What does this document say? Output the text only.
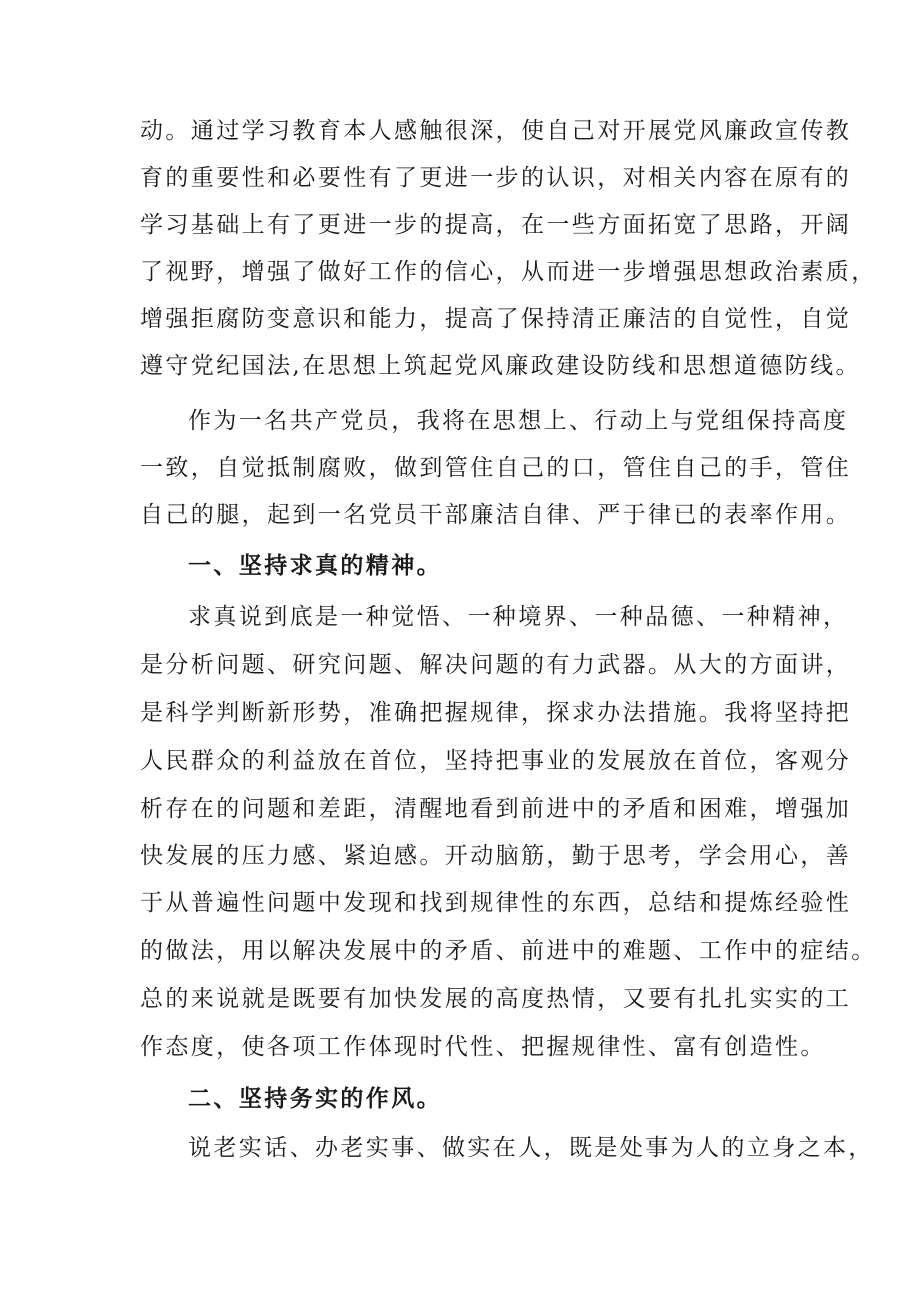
动。通过学习教育本人感触很深，使自己对开展党风廉政宣传教
育的重要性和必要性有了更进一步的认识，对相关内容在原有的
学习基础上有了更进一步的提高，在一些方面拓宽了思路，开阔
了视野，增强了做好工作的信心，从而进一步增强思想政治素质，
增强拒腐防变意识和能力，提高了保持清正廉洁的自觉性，自觉
遵守党纪国法,在思想上筑起党风廉政建设防线和思想道德防线。
作为一名共产党员，我将在思想上、行动上与党组保持高度
一致，自觉抵制腐败，做到管住自己的口，管住自己的手，管住
自己的腿，起到一名党员干部廉洁自律、严于律已的表率作用。
一、坚持求真的精神。
求真说到底是一种觉悟、一种境界、一种品德、一种精神，
是分析问题、研究问题、解决问题的有力武器。从大的方面讲，
是科学判断新形势，准确把握规律，探求办法措施。我将坚持把
人民群众的利益放在首位，坚持把事业的发展放在首位，客观分
析存在的问题和差距，清醒地看到前进中的矛盾和困难，增强加
快发展的压力感、紧迫感。开动脑筋，勤于思考，学会用心，善
于从普遍性问题中发现和找到规律性的东西，总结和提炼经验性
的做法，用以解决发展中的矛盾、前进中的难题、工作中的症结。
总的来说就是既要有加快发展的高度热情，又要有扎扎实实的工
作态度，使各项工作体现时代性、把握规律性、富有创造性。
二、坚持务实的作风。
说老实话、办老实事、做实在人，既是处事为人的立身之本，
